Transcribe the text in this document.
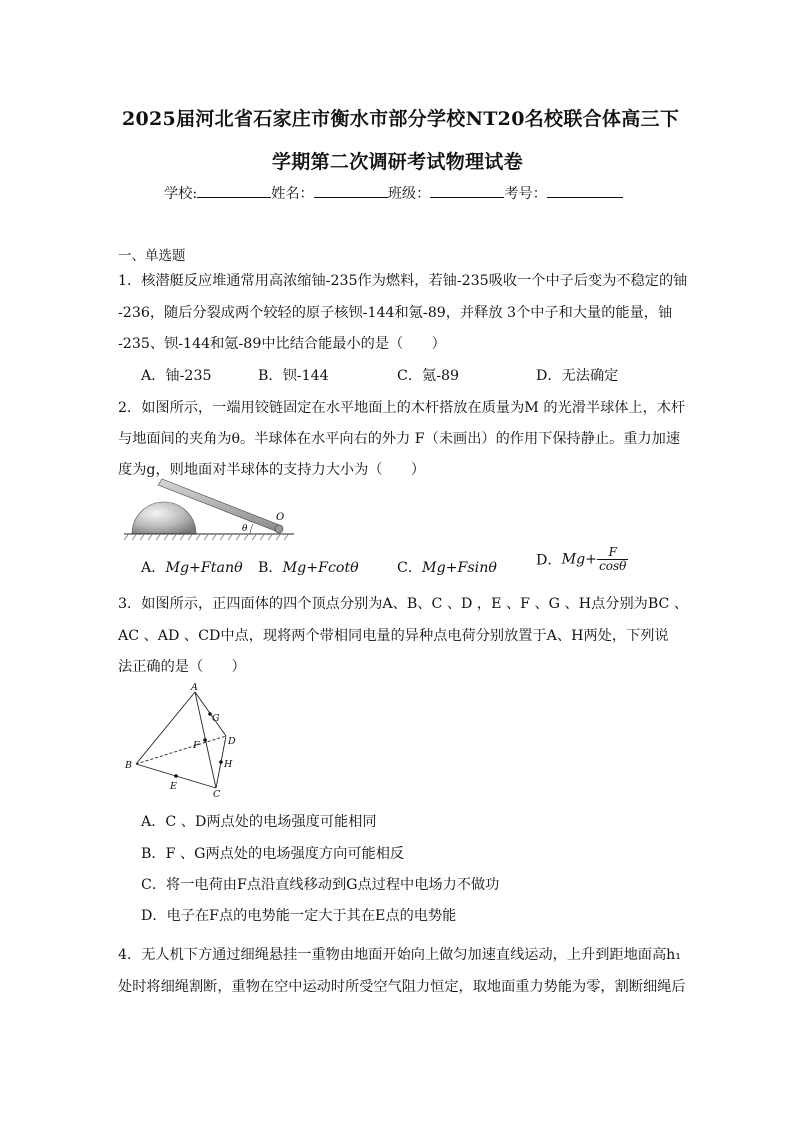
2025届河北省石家庄市衡水市部分学校NT20名校联合体高三下
学期第二次调研考试物理试卷
学校:	姓名：	班级：	考号：
一、单选题
1．核潜艇反应堆通常用高浓缩铀-235作为燃料，若铀-235吸收一个中子后变为不稳定的铀
-236，随后分裂成两个较轻的原子核钡-144和氪-89，并释放 3个中子和大量的能量，铀
-235、钡-144和氪-89中比结合能最小的是（　　）
A．铀-235	B．钡-144	C．氪-89	D．无法确定
2．如图所示，一端用铰链固定在水平地面上的木杆搭放在质量为M 的光滑半球体上，木杆
与地面间的夹角为θ。半球体在水平向右的外力 F（未画出）的作用下保持静止。重力加速
度为g，则地面对半球体的支持力大小为（　　）
θ
O
A．Mg+Ftanθ B．Mg+Fcotθ	C．Mg+Fsinθ	D．$Mg+ \frac{F}{\cos\theta}$
3．如图所示，正四面体的四个顶点分别为A、B、C 、D ，E 、F 、G 、H点分别为BC 、
AC 、AD 、CD中点，现将两个带相同电量的异种点电荷分别放置于A、H两处，下列说
法正确的是（　　）
A
B
C
D
E
F
G
H
A．C 、D两点处的电场强度可能相同
B．F 、G两点处的电场强度方向可能相反
C．将一电荷由F点沿直线移动到G点过程中电场力不做功
D．电子在F点的电势能一定大于其在E点的电势能
4．无人机下方通过细绳悬挂一重物由地面开始向上做匀加速直线运动，上升到距地面高h₁
处时将细绳割断，重物在空中运动时所受空气阻力恒定，取地面重力势能为零，割断细绳后
